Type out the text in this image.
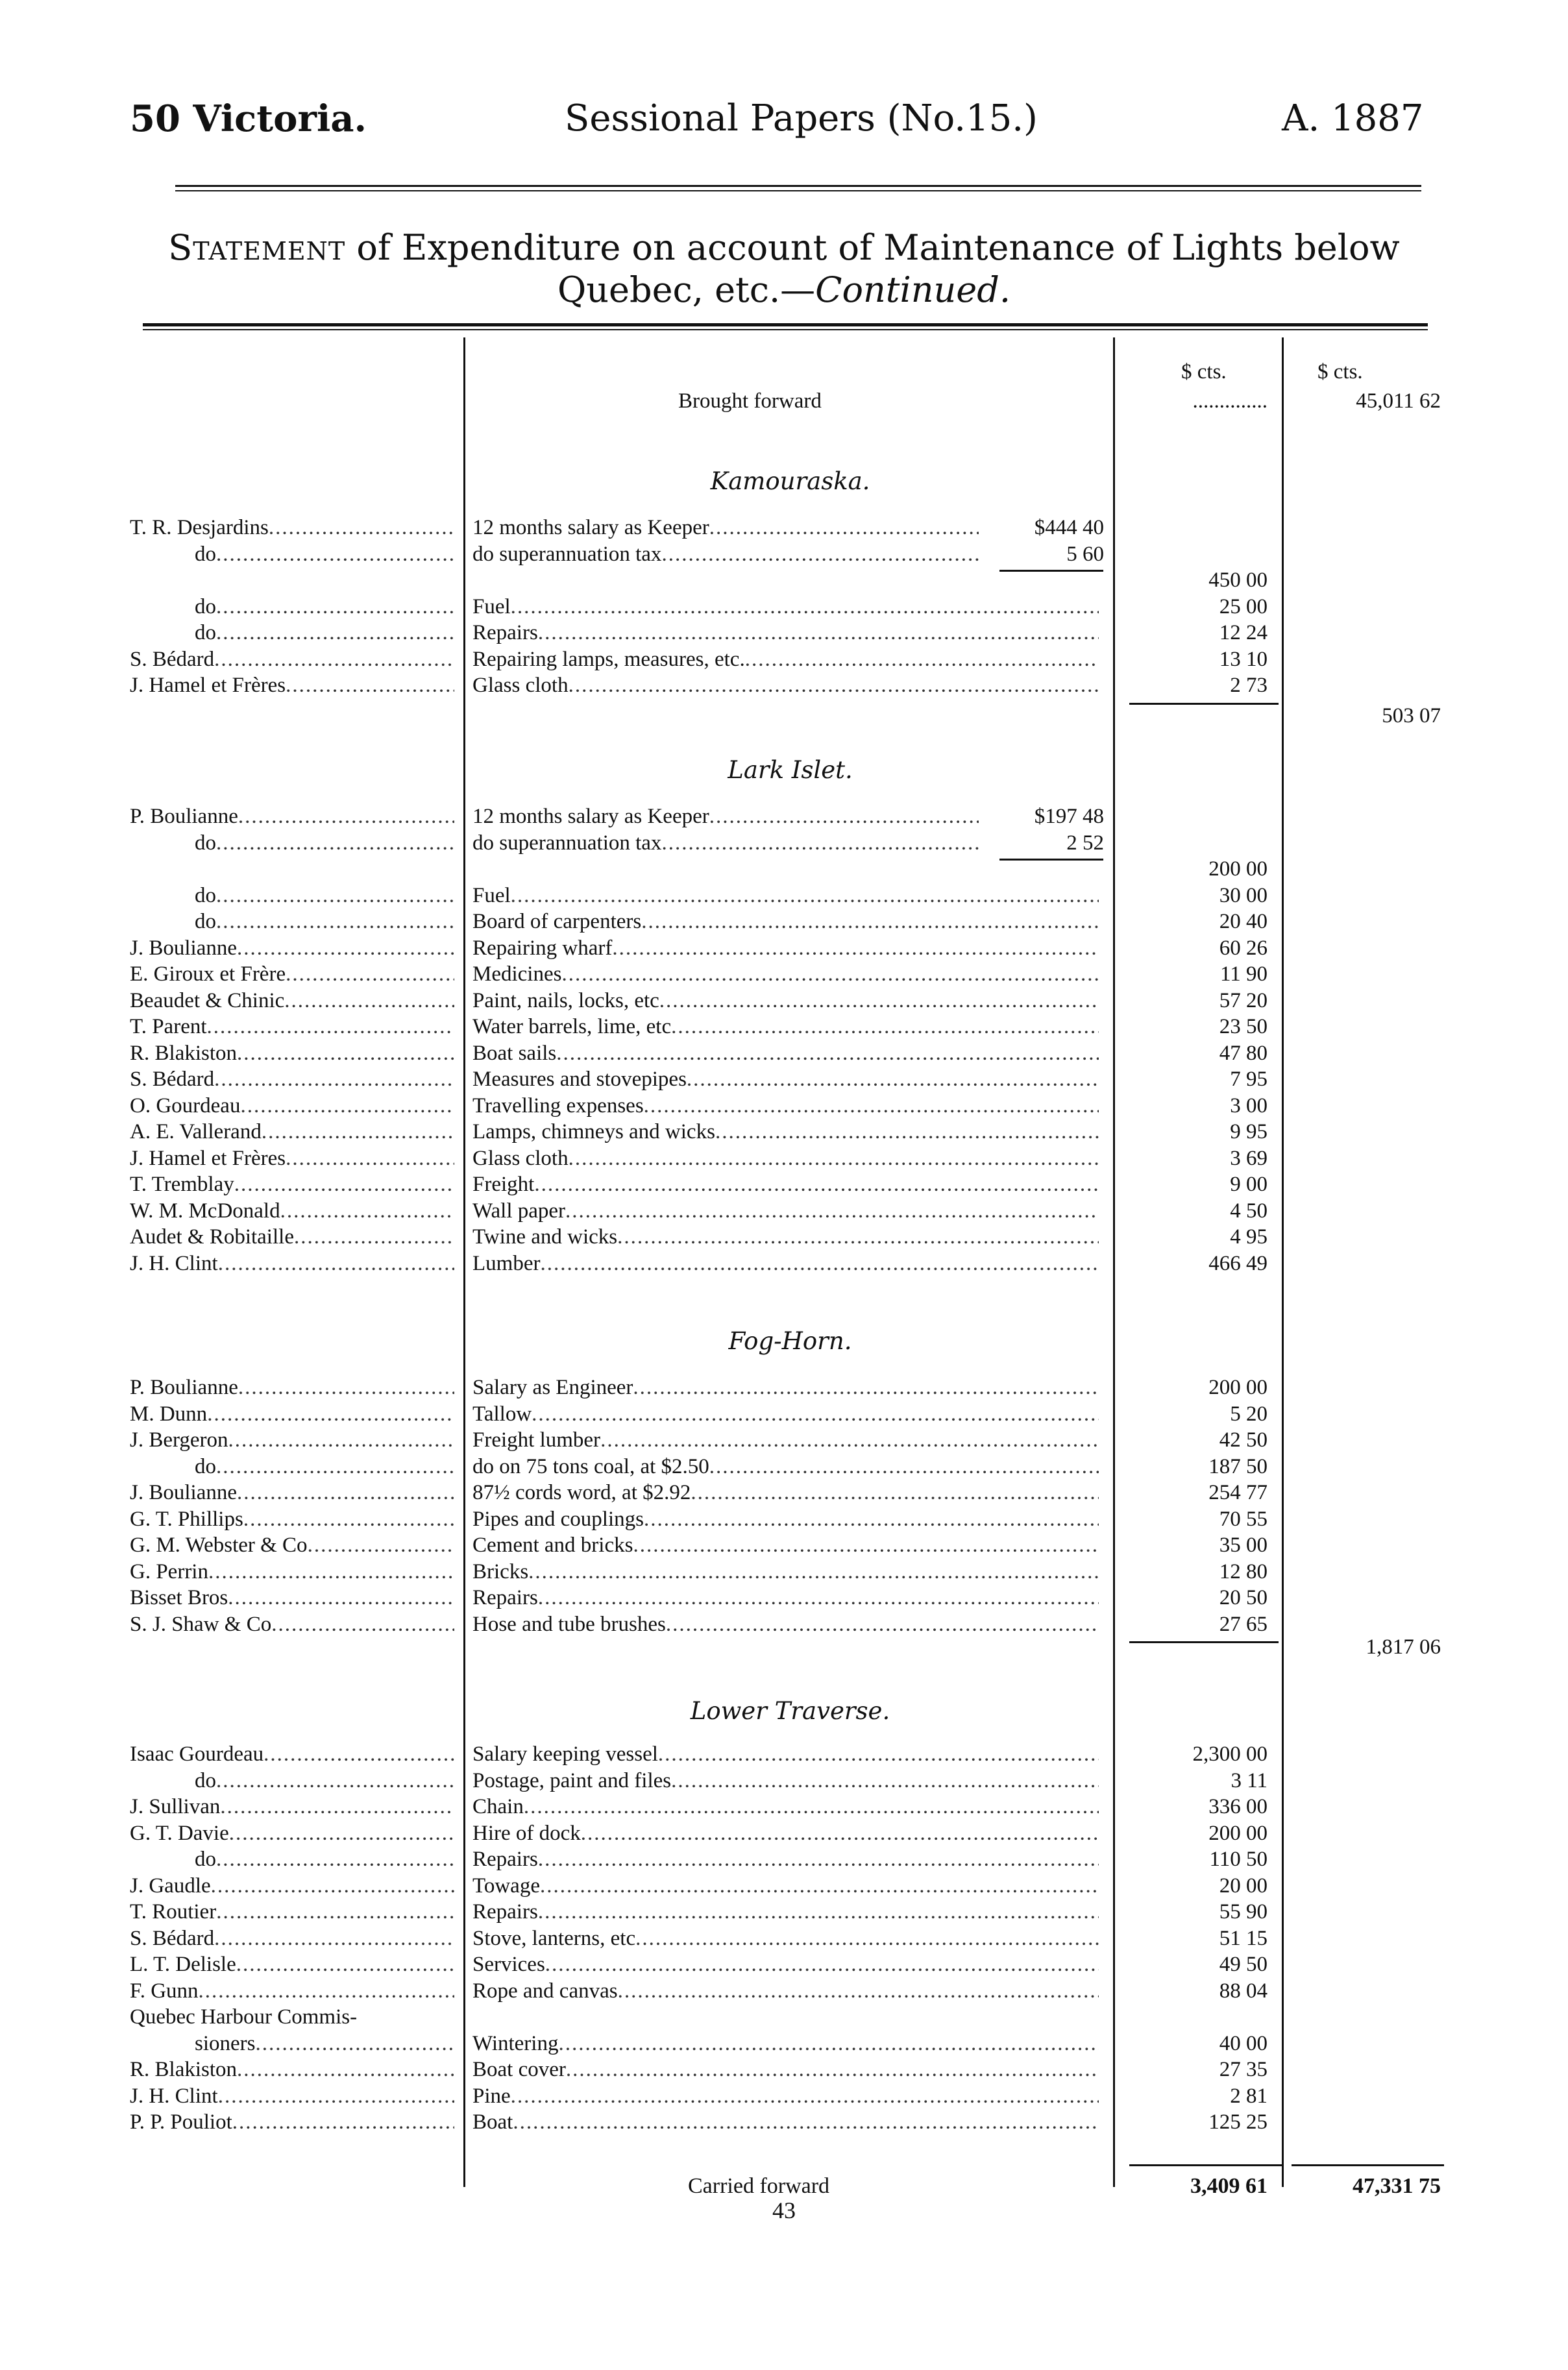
50 Victoria.	Sessional Papers (No.15.)	A. 1887
Statement of Expenditure on account of Maintenance of Lights below
Quebec, etc.—Continued.
$ cts.	$ cts.
Brought forward	..............	45,011 62
Kamouraska.
T. R. Desjardins .....	12 months salary as Keeper .....	$444 40
do .....	do superannuation tax .....	5 60
450 00
do .....	Fuel .....	25 00
do .....	Repairs .....	12 24
S. Bédard .....	Repairing lamps, measures, etc. .....	13 10
J. Hamel et Frères .....	Glass cloth .....	2 73
503 07
Lark Islet.
P. Boulianne .....	12 months salary as Keeper .....	$197 48
do .....	do superannuation tax .....	2 52
200 00
do .....	Fuel .....	30 00
do .....	Board of carpenters .....	20 40
J. Boulianne .....	Repairing wharf .....	60 26
E. Giroux et Frère .....	Medicines .....	11 90
Beaudet & Chinic .....	Paint, nails, locks, etc .....	57 20
T. Parent .....	Water barrels, lime, etc .....	23 50
R. Blakiston .....	Boat sails .....	47 80
S. Bédard .....	Measures and stovepipes .....	7 95
O. Gourdeau .....	Travelling expenses .....	3 00
A. E. Vallerand .....	Lamps, chimneys and wicks .....	9 95
J. Hamel et Frères .....	Glass cloth .....	3 69
T. Tremblay .....	Freight .....	9 00
W. M. McDonald .....	Wall paper .....	4 50
Audet & Robitaille .....	Twine and wicks .....	4 95
J. H. Clint .....	Lumber .....	466 49
Fog-Horn.
P. Boulianne .....	Salary as Engineer .....	200 00
M. Dunn .....	Tallow .....	5 20
J. Bergeron .....	Freight lumber .....	42 50
do .....	do on 75 tons coal, at $2.50 .....	187 50
J. Boulianne .....	87½ cords word, at $2.92 .....	254 77
G. T. Phillips .....	Pipes and couplings .....	70 55
G. M. Webster & Co .....	Cement and bricks .....	35 00
G. Perrin .....	Bricks .....	12 80
Bisset Bros .....	Repairs .....	20 50
S. J. Shaw & Co .....	Hose and tube brushes .....	27 65
1,817 06
Lower Traverse.
Isaac Gourdeau .....	Salary keeping vessel .....	2,300 00
do .....	Postage, paint and files .....	3 11
J. Sullivan .....	Chain .....	336 00
G. T. Davie .....	Hire of dock .....	200 00
do .....	Repairs .....	110 50
J. Gaudle .....	Towage .....	20 00
T. Routier .....	Repairs .....	55 90
S. Bédard .....	Stove, lanterns, etc .....	51 15
L. T. Delisle .....	Services .....	49 50
F. Gunn .....	Rope and canvas .....	88 04
Quebec Harbour Commis-
sioners .....	Wintering .....	40 00
R. Blakiston .....	Boat cover .....	27 35
J. H. Clint .....	Pine .....	2 81
P. P. Pouliot .....	Boat .....	125 25
Carried forward	3,409 61	47,331 75
43
